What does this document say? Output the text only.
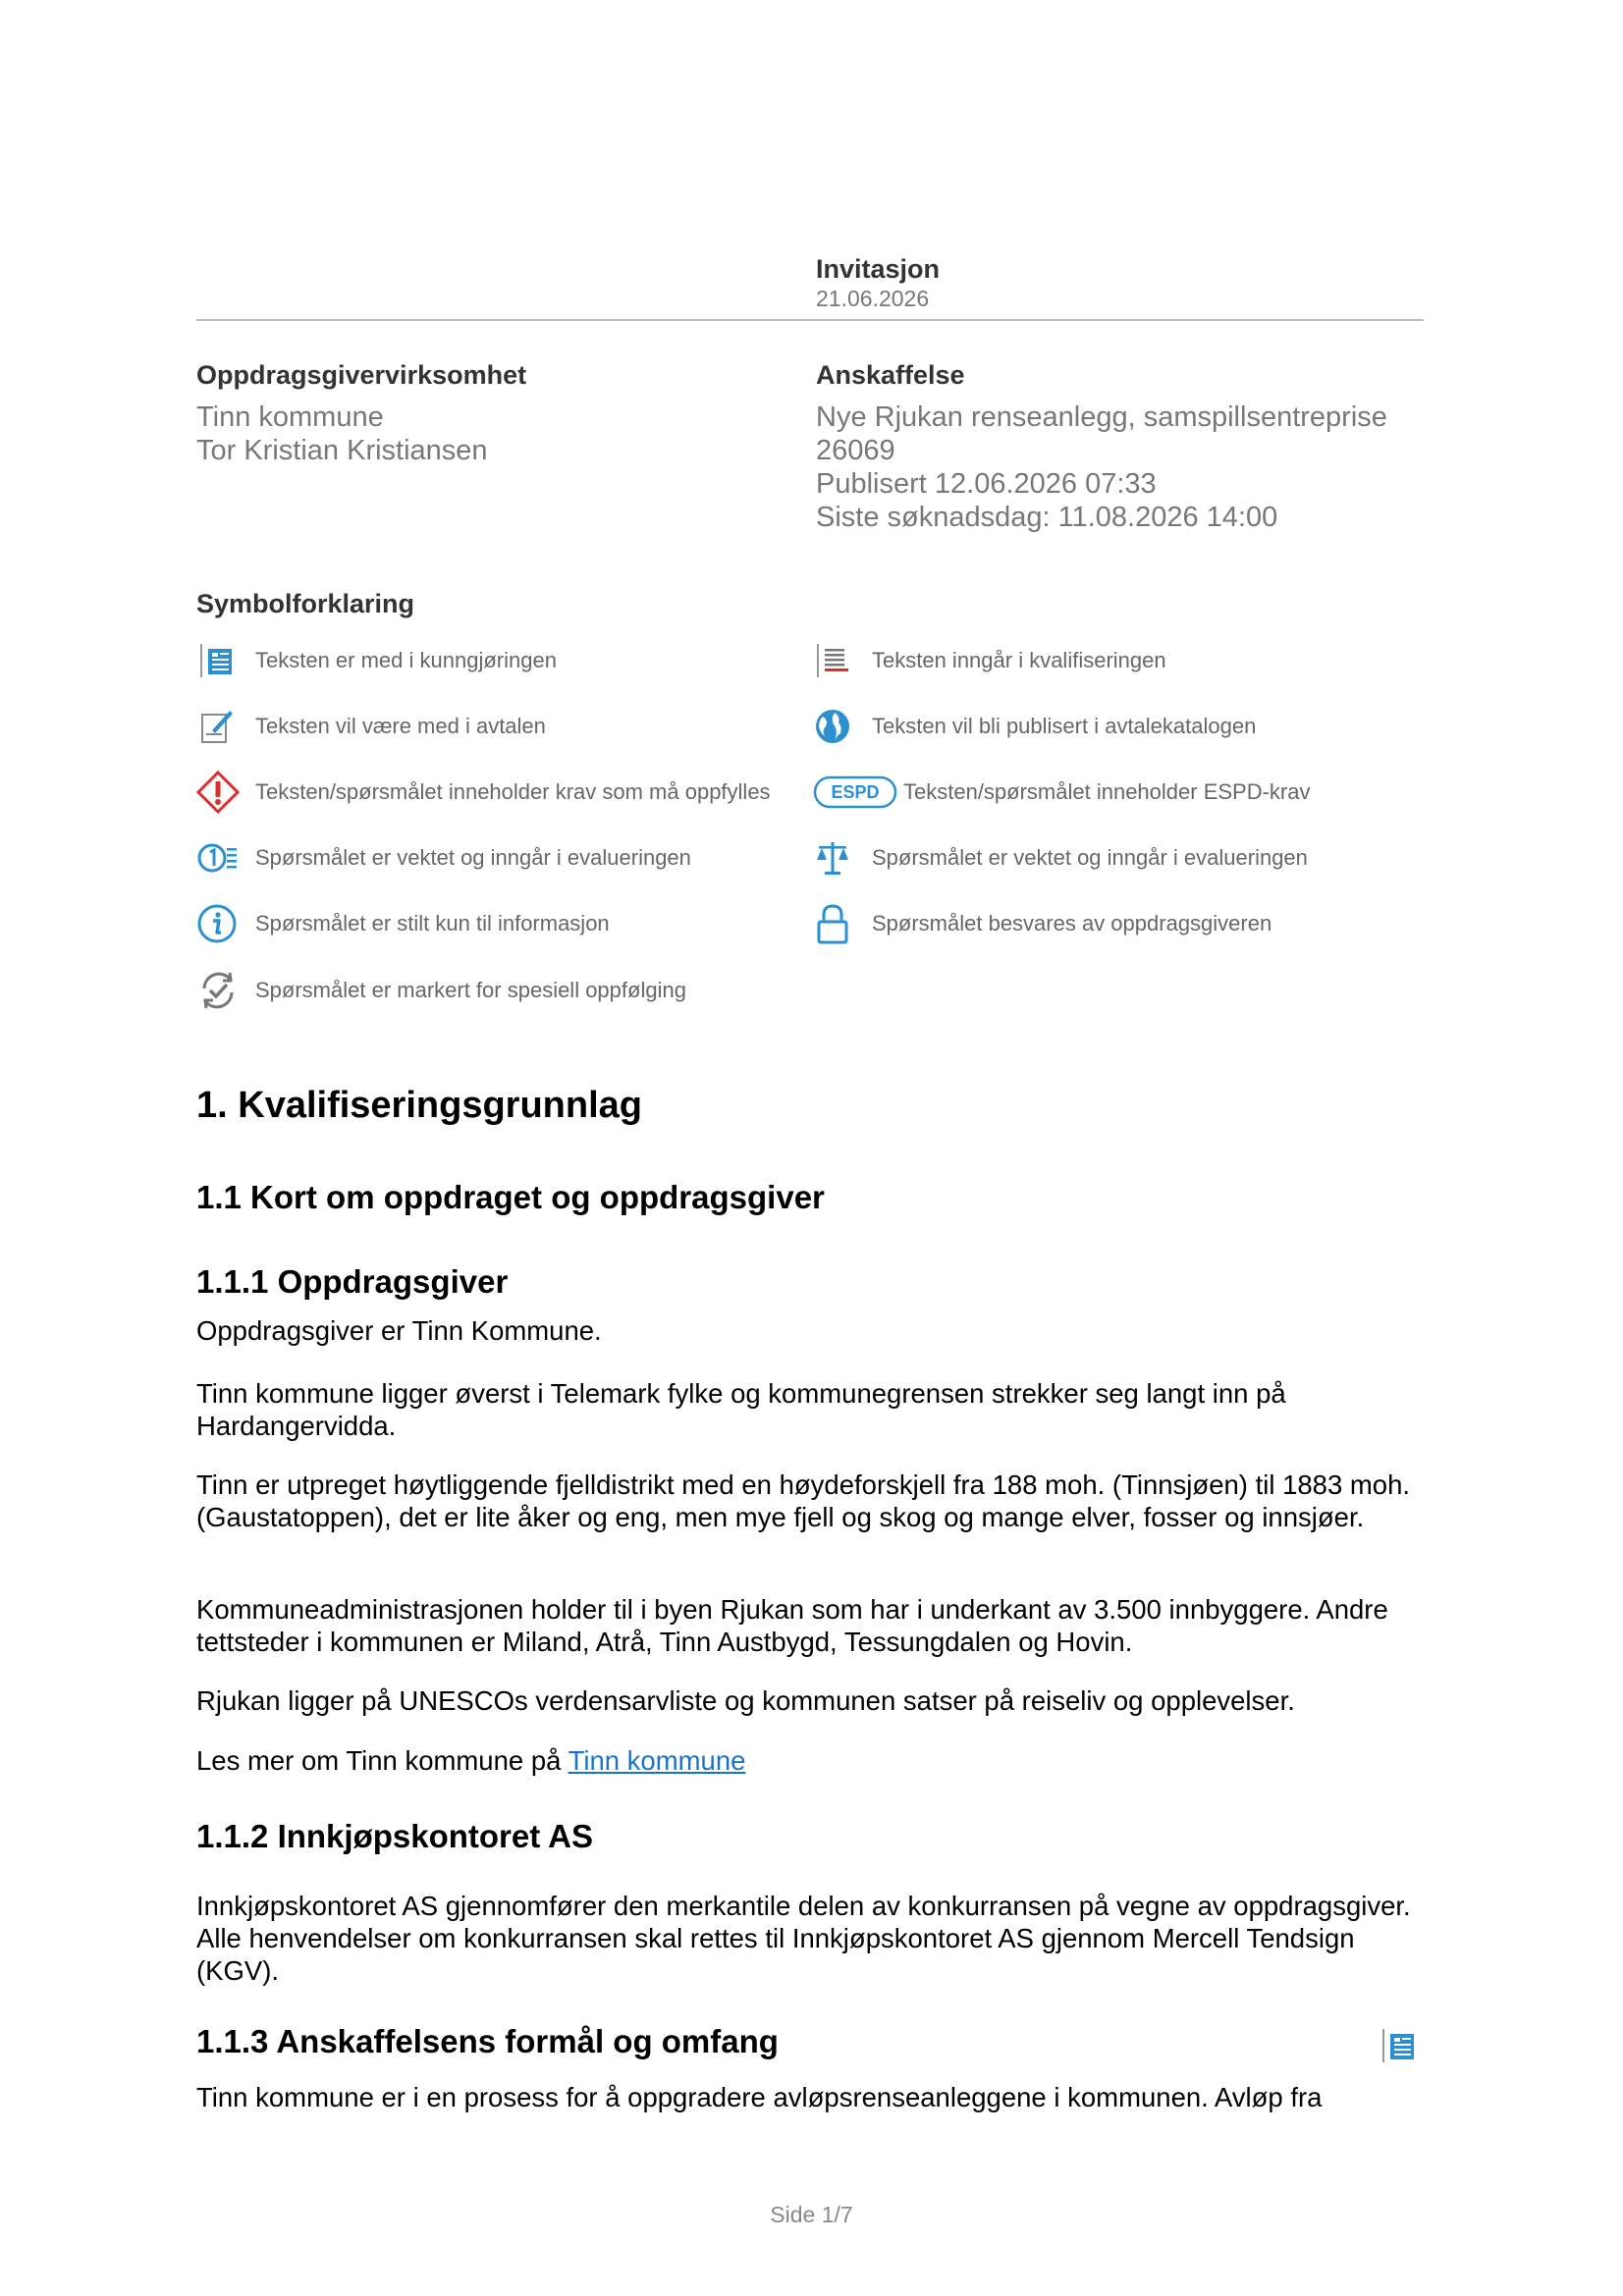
Invitasjon
21.06.2026
Oppdragsgivervirksomhet
Tinn kommune
Tor Kristian Kristiansen
Anskaffelse
Nye Rjukan renseanlegg, samspillsentreprise
26069
Publisert 12.06.2026 07:33
Siste søknadsdag: 11.08.2026 14:00
Symbolforklaring
Teksten er med i kunngjøringen	Teksten inngår i kvalifiseringen
Teksten vil være med i avtalen	Teksten vil bli publisert i avtalekatalogen
Teksten/spørsmålet inneholder krav som må oppfylles	ESPD Teksten/spørsmålet inneholder ESPD-krav
Spørsmålet er vektet og inngår i evalueringen	Spørsmålet er vektet og inngår i evalueringen
Spørsmålet er stilt kun til informasjon	Spørsmålet besvares av oppdragsgiveren
Spørsmålet er markert for spesiell oppfølging
1. Kvalifiseringsgrunnlag
1.1 Kort om oppdraget og oppdragsgiver
1.1.1 Oppdragsgiver
Oppdragsgiver er Tinn Kommune.
Tinn kommune ligger øverst i Telemark fylke og kommunegrensen strekker seg langt inn på Hardangervidda.
Tinn er utpreget høytliggende fjelldistrikt med en høydeforskjell fra 188 moh. (Tinnsjøen) til 1883 moh. (Gaustatoppen), det er lite åker og eng, men mye fjell og skog og mange elver, fosser og innsjøer.
Kommuneadministrasjonen holder til i byen Rjukan som har i underkant av 3.500 innbyggere. Andre tettsteder i kommunen er Miland, Atrå, Tinn Austbygd, Tessungdalen og Hovin.
Rjukan ligger på UNESCOs verdensarvliste og kommunen satser på reiseliv og opplevelser.
Les mer om Tinn kommune på Tinn kommune
1.1.2 Innkjøpskontoret AS
Innkjøpskontoret AS gjennomfører den merkantile delen av konkurransen på vegne av oppdragsgiver. Alle henvendelser om konkurransen skal rettes til Innkjøpskontoret AS gjennom Mercell Tendsign (KGV).
1.1.3 Anskaffelsens formål og omfang
Tinn kommune er i en prosess for å oppgradere avløpsrenseanleggene i kommunen. Avløp fra
Side 1/7
